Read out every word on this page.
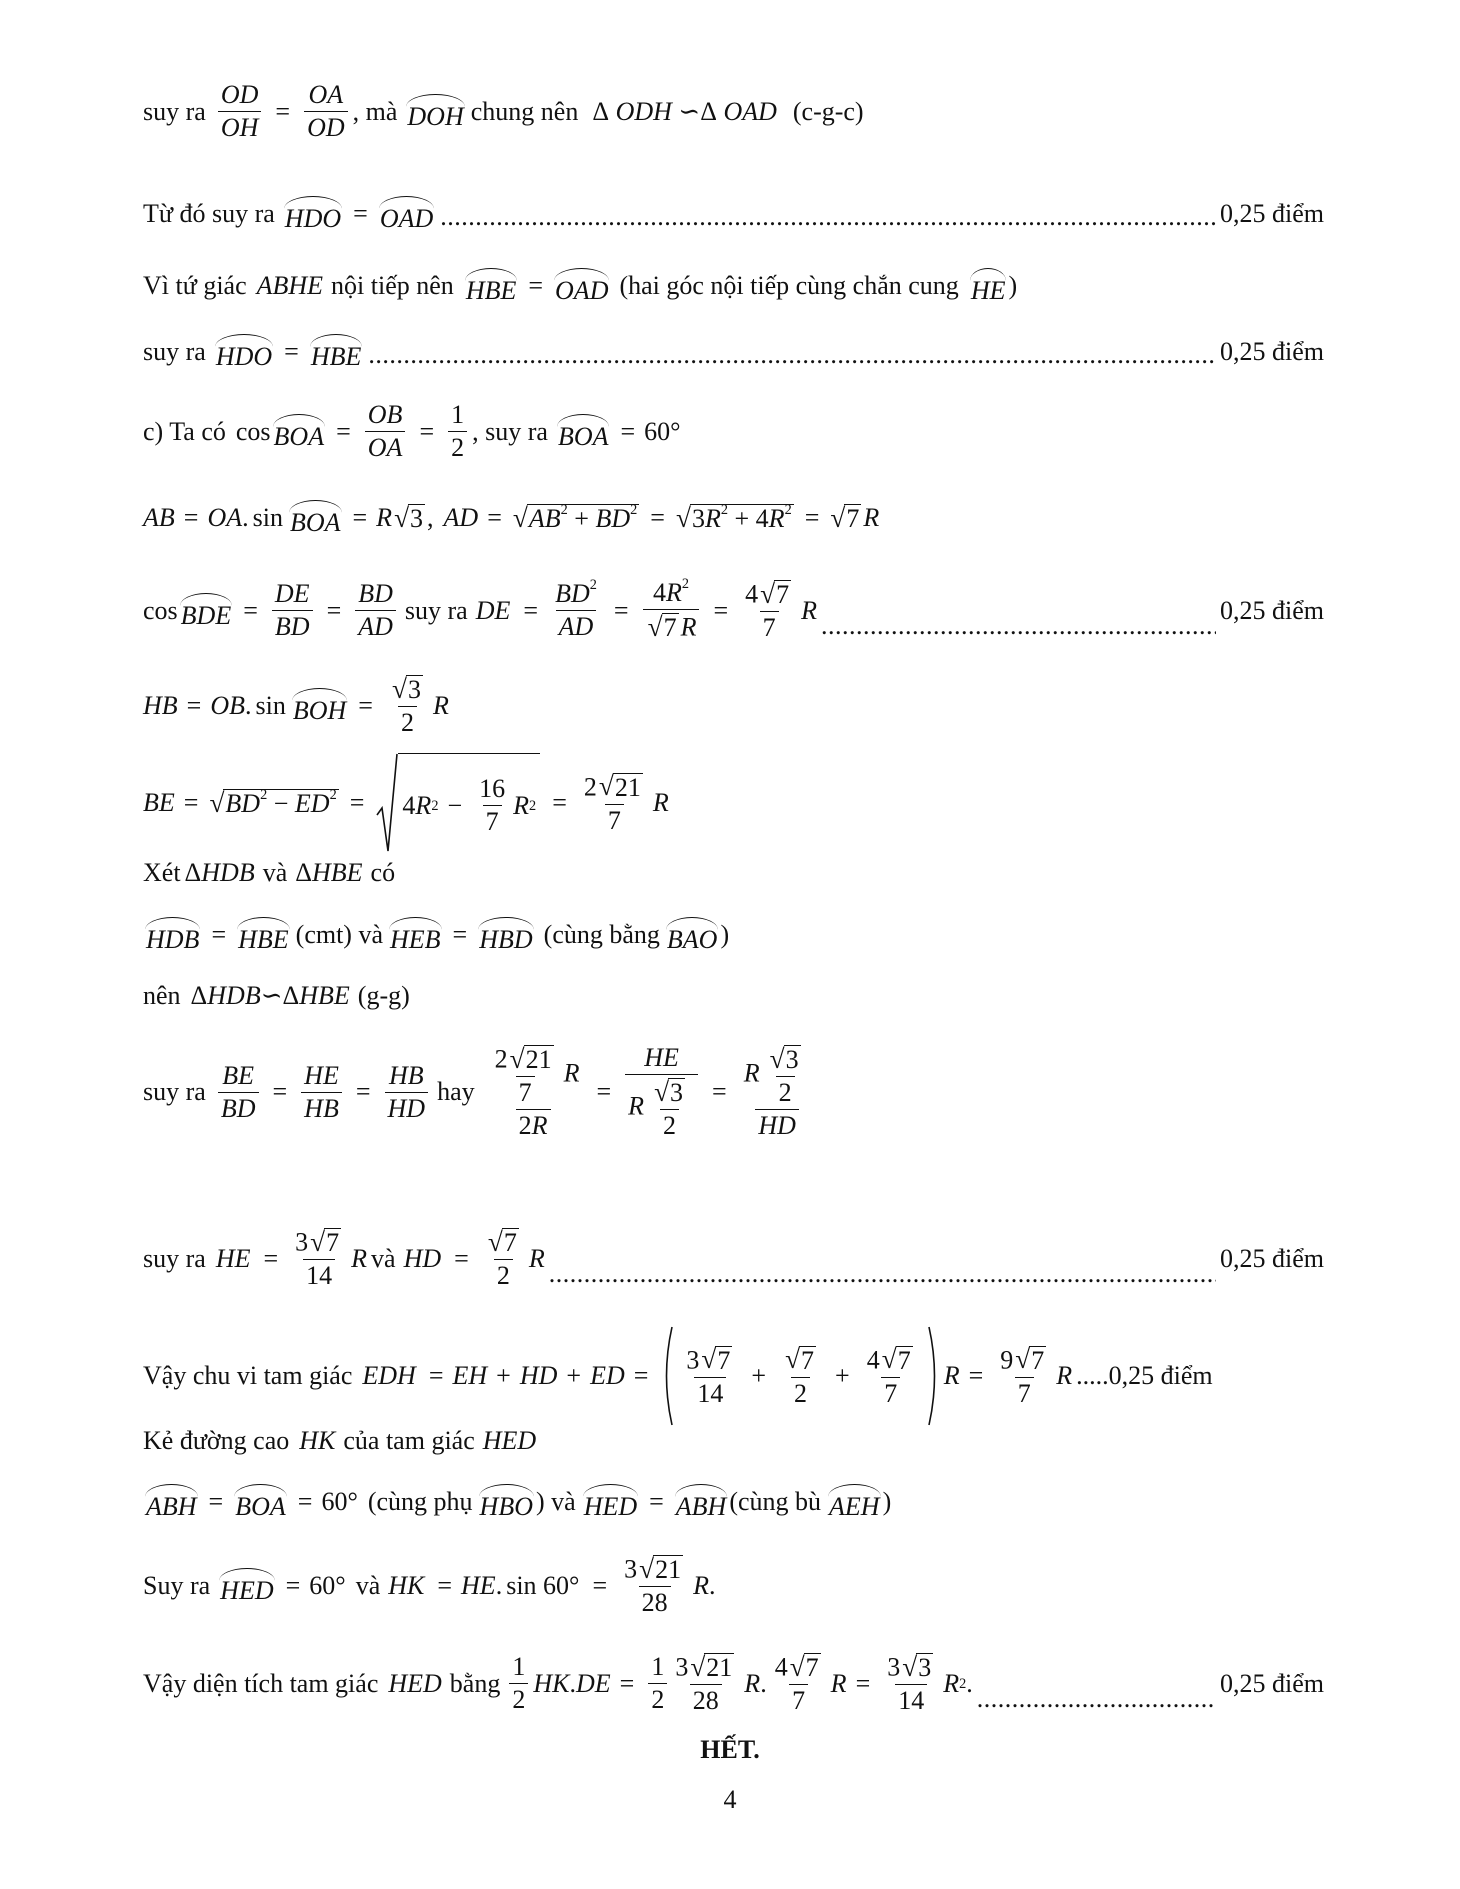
suy ra $\frac{OD}{OH} = \frac{OA}{OD}$ , mà DOH chung nên Δ ODH ∽Δ OAD (c-g-c)
Từ đó suy ra HDO = OAD .....	0,25 điểm
Vì tứ giác ABHE nội tiếp nên HBE = OAD (hai góc nội tiếp cùng chắn cung HE )
suy ra HDO = HBE .....	0,25 điểm
c) Ta có cos BOA = $\frac{OB}{OA} = \frac{1}{2}$ , suy ra BOA = 60°
AB = OA . sin BOA = R √ 3 , AD = √ $AB^2 + BD^2$ = √ $3R^2 + 4R^2$ = √ 7 R
cos BDE = $\frac{DE}{BD} = \frac{BD}{AD}$ suy ra DE = $\frac{BD^2}{AD} = \frac{4R^2}{√ 7 R} = \frac{4 √ 7}{7}$ R
.....	0,25 điểm
HB = OB . sin BOH = $\frac{√ 3}{2}$ R
BE = √ $BD^2 - ED^2 = 4$ R $2 - \frac{16}{7}$ R $2 = \frac{2 √ 21}{7}$ R
Xét ΔHDB và ΔHBE có
HDB = HBE (cmt) và HEB = HBD (cùng bằng BAO )
nên ΔHDB∽ΔHBE (g-g)
suy ra $\frac{BE}{BD} = \frac{HE}{HB} = \frac{HB}{HD}$ hay $\frac{\frac{2 √ 21}{7} R}{2R} = \frac{HE}{R \frac{√ 3}{2}} = \frac{R \frac{√ 3}{2}}{HD}$
suy ra HE = $\frac{3 √ 7}{14}$ R và HD = $\frac{√ 7}{2}$ R
.....	0,25 điểm
Vậy chu vi tam giác EDH = EH + HD + ED =
3 √ 7
14
+ $\frac{√ 7}{2} + \frac{4 √ 7}{7}$ $R = \frac{9 √ 7}{7}$ R .....0,25 điểm
Kẻ đường cao HK của tam giác HED
ABH = BOA = 60° (cùng phụ HBO ) và HED = ABH (cùng bù AEH )
Suy ra HED = 60° và HK = HE . $\sin 60^\circ = \frac{3 √ 21}{28}$ R .
Vậy diện tích tam giác HED bằng
1
2
HK . DE = $\frac{1}{2} 3$ √ 21
28
R .
4 √ 7
7
$R = \frac{3 √ 3}{14}$ R 2 .
.....	0,25 điểm
HẾT.
4
